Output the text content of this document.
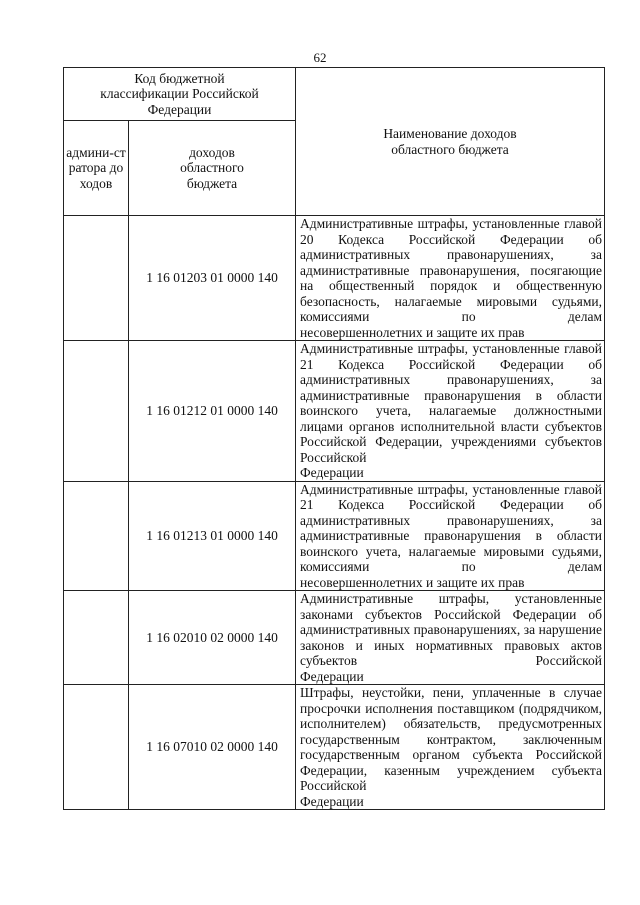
62
Код бюджетной классификации Российской Федерации		Наименование доходов областного бюджета

админи-стратора доходов	доходов областного бюджета	

	1 16 01203 01 0000 140	Административные штрафы, установленные главой 20 Кодекса Российской Федерации об административных правонарушениях, за административные правонарушения, посягающие на общественный порядок и общественную безопасность, налагаемые мировыми судьями, комиссиями по делам
несовершеннолетних и защите их прав

	1 16 01212 01 0000 140	Административные штрафы, установленные главой 21 Кодекса Российской Федерации об административных правонарушениях, за административные правонарушения в области воинского учета, налагаемые должностными лицами органов исполнительной власти субъектов Российской Федерации, учреждениями субъектов Российской
Федерации

	1 16 01213 01 0000 140	Административные штрафы, установленные главой 21 Кодекса Российской Федерации об административных правонарушениях, за административные правонарушения в области воинского учета, налагаемые мировыми судьями, комиссиями по делам
несовершеннолетних и защите их прав

	1 16 02010 02 0000 140	Административные штрафы, установленные законами субъектов Российской Федерации об административных правонарушениях, за нарушение законов и иных нормативных правовых актов субъектов Российской
Федерации

	1 16 07010 02 0000 140	Штрафы, неустойки, пени, уплаченные в случае просрочки исполнения поставщиком (подрядчиком, исполнителем) обязательств, предусмотренных государственным контрактом, заключенным государственным органом субъекта Российской Федерации, казенным учреждением субъекта Российской
Федерации
